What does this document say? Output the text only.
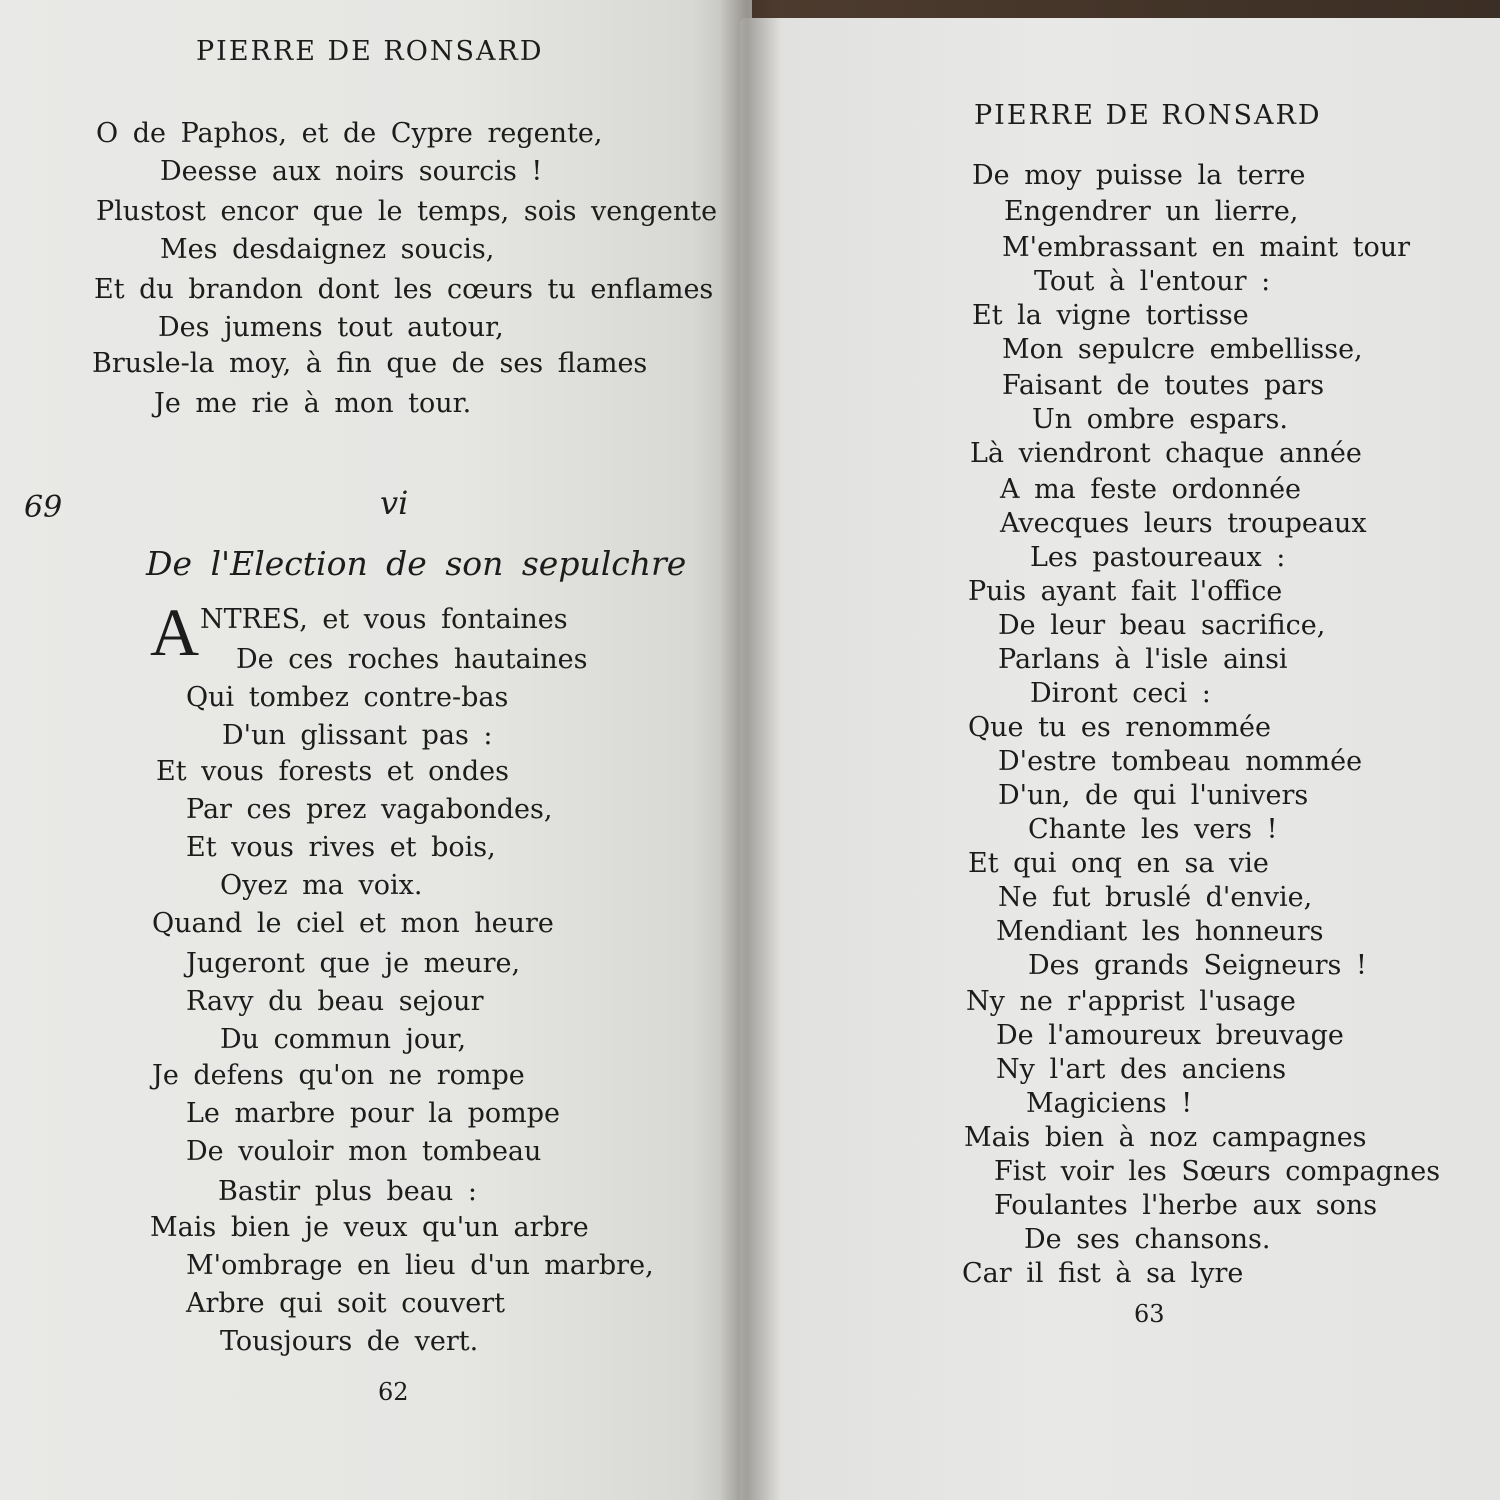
PIERRE DE RONSARD
O de Paphos, et de Cypre regente,
Deesse aux noirs sourcis !
Plustost encor que le temps, sois vengente
Mes desdaignez soucis,
Et du brandon dont les cœurs tu enflames
Des jumens tout autour,
Brusle-la moy, à fin que de ses flames
Je me rie à mon tour.
69	vi
De l'Election de son sepulchre
A NTRES, et vous fontaines
De ces roches hautaines
Qui tombez contre-bas
D'un glissant pas :
Et vous forests et ondes
Par ces prez vagabondes,
Et vous rives et bois,
Oyez ma voix.
Quand le ciel et mon heure
Jugeront que je meure,
Ravy du beau sejour
Du commun jour,
Je defens qu'on ne rompe
Le marbre pour la pompe
De vouloir mon tombeau
Bastir plus beau :
Mais bien je veux qu'un arbre
M'ombrage en lieu d'un marbre,
Arbre qui soit couvert
Tousjours de vert.
62
PIERRE DE RONSARD
De moy puisse la terre
Engendrer un lierre,
M'embrassant en maint tour
Tout à l'entour :
Et la vigne tortisse
Mon sepulcre embellisse,
Faisant de toutes pars
Un ombre espars.
Là viendront chaque année
A ma feste ordonnée
Avecques leurs troupeaux
Les pastoureaux :
Puis ayant fait l'office
De leur beau sacrifice,
Parlans à l'isle ainsi
Diront ceci :
Que tu es renommée
D'estre tombeau nommée
D'un, de qui l'univers
Chante les vers !
Et qui onq en sa vie
Ne fut bruslé d'envie,
Mendiant les honneurs
Des grands Seigneurs !
Ny ne r'apprist l'usage
De l'amoureux breuvage
Ny l'art des anciens
Magiciens !
Mais bien à noz campagnes
Fist voir les Sœurs compagnes
Foulantes l'herbe aux sons
De ses chansons.
Car il fist à sa lyre
63
